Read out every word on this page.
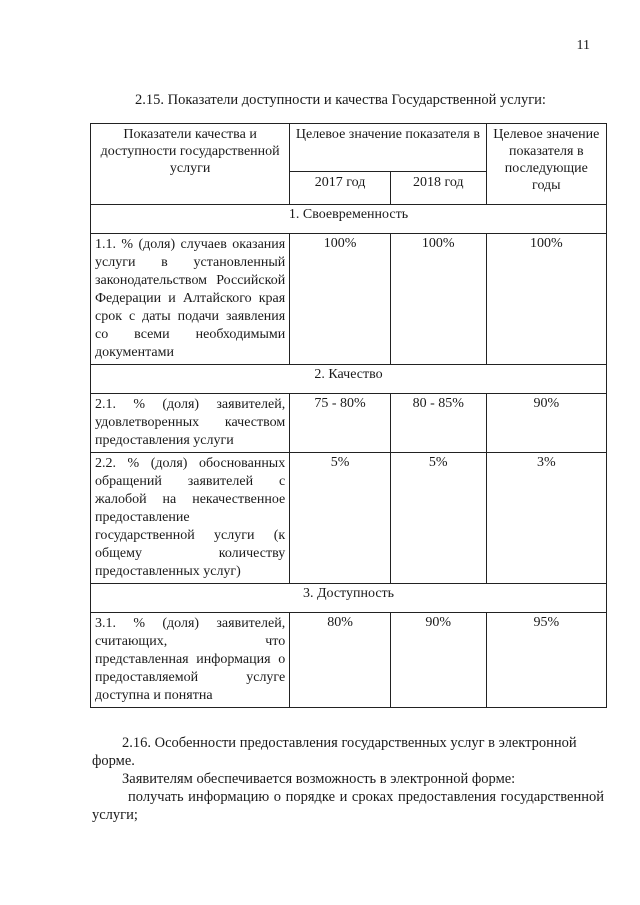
11
2.15. Показатели доступности и качества Государственной услуги:
Показатели качества и доступности государственной услуги	Целевое значение показателя в		Целевое значение показателя в последующие годы
	2017 год	2018 год	
1. Своевременность			
1.1. % (доля) случаев оказания услуги в установленный законодательством Российской Федерации и Алтайского края срок с даты подачи заявления со всеми необходимыми документами	100%	100%	100%
2. Качество			
2.1. % (доля) заявителей, удовлетворенных качеством предоставления услуги	75 - 80%	80 - 85%	90%
2.2. % (доля) обоснованных обращений заявителей с жалобой на некачественное предоставление государственной услуги (к общему количеству предоставленных услуг)	5%	5%	3%
3. Доступность			
3.1. % (доля) заявителей, считающих, что представленная информация о предоставляемой услуге доступна и понятна	80%	90%	95%
2.16. Особенности предоставления государственных услуг в электронной форме.
Заявителям обеспечивается возможность в электронной форме:
получать информацию о порядке и сроках предоставления государственной услуги;
